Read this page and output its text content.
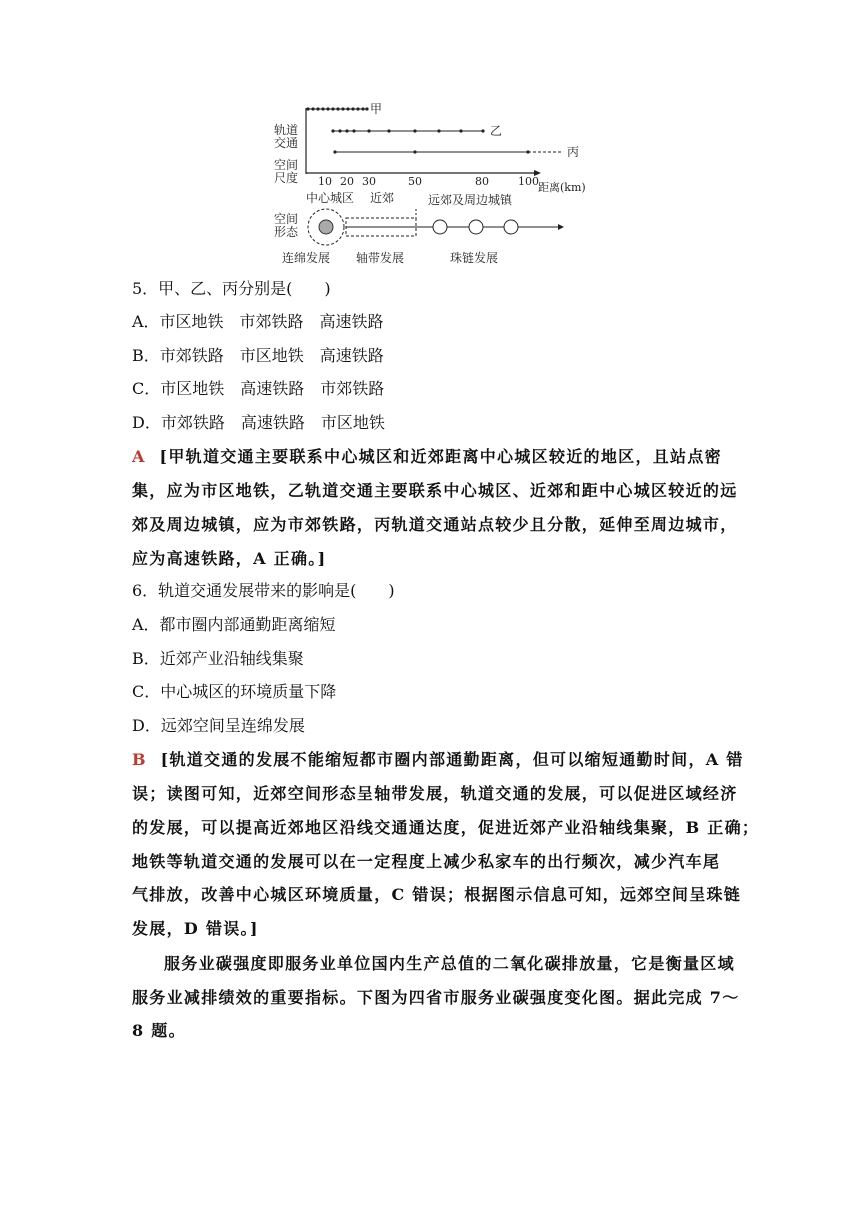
轨道
交通
空间
尺度
空间
形态
甲
乙
丙
10 20 30	50	80	100 距离(km)
中心城区 近郊	远郊及周边城镇
连绵发展 轴带发展	珠链发展
5．甲、乙、丙分别是(　　)
A．市区地铁　市郊铁路　高速铁路
B．市郊铁路　市区地铁　高速铁路
C．市区地铁　高速铁路　市郊铁路
D．市郊铁路　高速铁路　市区地铁
A [甲轨道交通主要联系中心城区和近郊距离中心城区较近的地区，且站点密
集，应为市区地铁，乙轨道交通主要联系中心城区、近郊和距中心城区较近的远
郊及周边城镇，应为市郊铁路，丙轨道交通站点较少且分散，延伸至周边城市，
应为高速铁路，A 正确。]
6．轨道交通发展带来的影响是(　　)
A．都市圈内部通勤距离缩短
B．近郊产业沿轴线集聚
C．中心城区的环境质量下降
D．远郊空间呈连绵发展
B [轨道交通的发展不能缩短都市圈内部通勤距离，但可以缩短通勤时间，A 错
误；读图可知，近郊空间形态呈轴带发展，轨道交通的发展，可以促进区域经济
的发展，可以提高近郊地区沿线交通通达度，促进近郊产业沿轴线集聚，B 正确；
地铁等轨道交通的发展可以在一定程度上减少私家车的出行频次，减少汽车尾
气排放，改善中心城区环境质量，C 错误；根据图示信息可知，远郊空间呈珠链
发展，D 错误。]
服务业碳强度即服务业单位国内生产总值的二氧化碳排放量，它是衡量区域
服务业减排绩效的重要指标。下图为四省市服务业碳强度变化图。据此完成 7～
8 题。
